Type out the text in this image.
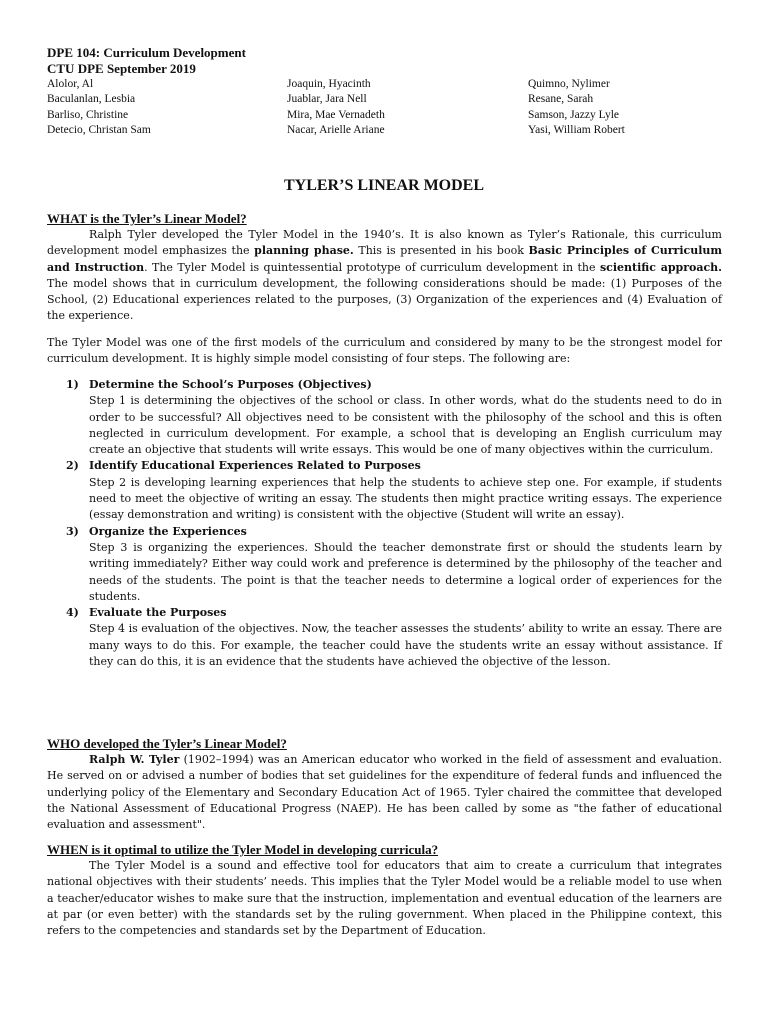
DPE 104: Curriculum Development
CTU DPE September 2019
Alolor, Al
Baculanlan, Lesbia
Barliso, Christine
Detecio, Christan Sam
Joaquin, Hyacinth
Juablar, Jara Nell
Mira, Mae Vernadeth
Nacar, Arielle Ariane
Quimno, Nylimer
Resane, Sarah
Samson, Jazzy Lyle
Yasi, William Robert
TYLER’S LINEAR MODEL

WHAT is the Tyler’s Linear Model?

Ralph Tyler developed the Tyler Model in the 1940’s. It is also known as Tyler’s Rationale, this curriculum development model emphasizes the planning phase. This is presented in his book Basic Principles of Curriculum and Instruction. The Tyler Model is quintessential prototype of curriculum development in the scientific approach. The model shows that in curriculum development, the following considerations should be made: (1) Purposes of the School, (2) Educational experiences related to the purposes, (3) Organization of the experiences and (4) Evaluation of the experience.

The Tyler Model was one of the first models of the curriculum and considered by many to be the strongest model for curriculum development. It is highly simple model consisting of four steps. The following are:

1) Determine the School’s Purposes (Objectives)
Step 1 is determining the objectives of the school or class. In other words, what do the students need to do in order to be successful? All objectives need to be consistent with the philosophy of the school and this is often neglected in curriculum development. For example, a school that is developing an English curriculum may create an objective that students will write essays. This would be one of many objectives within the curriculum.
2) Identify Educational Experiences Related to Purposes
Step 2 is developing learning experiences that help the students to achieve step one. For example, if students need to meet the objective of writing an essay. The students then might practice writing essays. The experience (essay demonstration and writing) is consistent with the objective (Student will write an essay).
3) Organize the Experiences
Step 3 is organizing the experiences. Should the teacher demonstrate first or should the students learn by writing immediately? Either way could work and preference is determined by the philosophy of the teacher and needs of the students. The point is that the teacher needs to determine a logical order of experiences for the students.
4) Evaluate the Purposes
Step 4 is evaluation of the objectives. Now, the teacher assesses the students’ ability to write an essay. There are many ways to do this. For example, the teacher could have the students write an essay without assistance. If they can do this, it is an evidence that the students have achieved the objective of the lesson.

WHO developed the Tyler’s Linear Model?

Ralph W. Tyler (1902–1994) was an American educator who worked in the field of assessment and evaluation. He served on or advised a number of bodies that set guidelines for the expenditure of federal funds and influenced the underlying policy of the Elementary and Secondary Education Act of 1965. Tyler chaired the committee that developed the National Assessment of Educational Progress (NAEP). He has been called by some as "the father of educational evaluation and assessment".

WHEN is it optimal to utilize the Tyler Model in developing curricula?

The Tyler Model is a sound and effective tool for educators that aim to create a curriculum that integrates national objectives with their students’ needs. This implies that the Tyler Model would be a reliable model to use when a teacher/educator wishes to make sure that the instruction, implementation and eventual education of the learners are at par (or even better) with the standards set by the ruling government. When placed in the Philippine context, this refers to the competencies and standards set by the Department of Education.
